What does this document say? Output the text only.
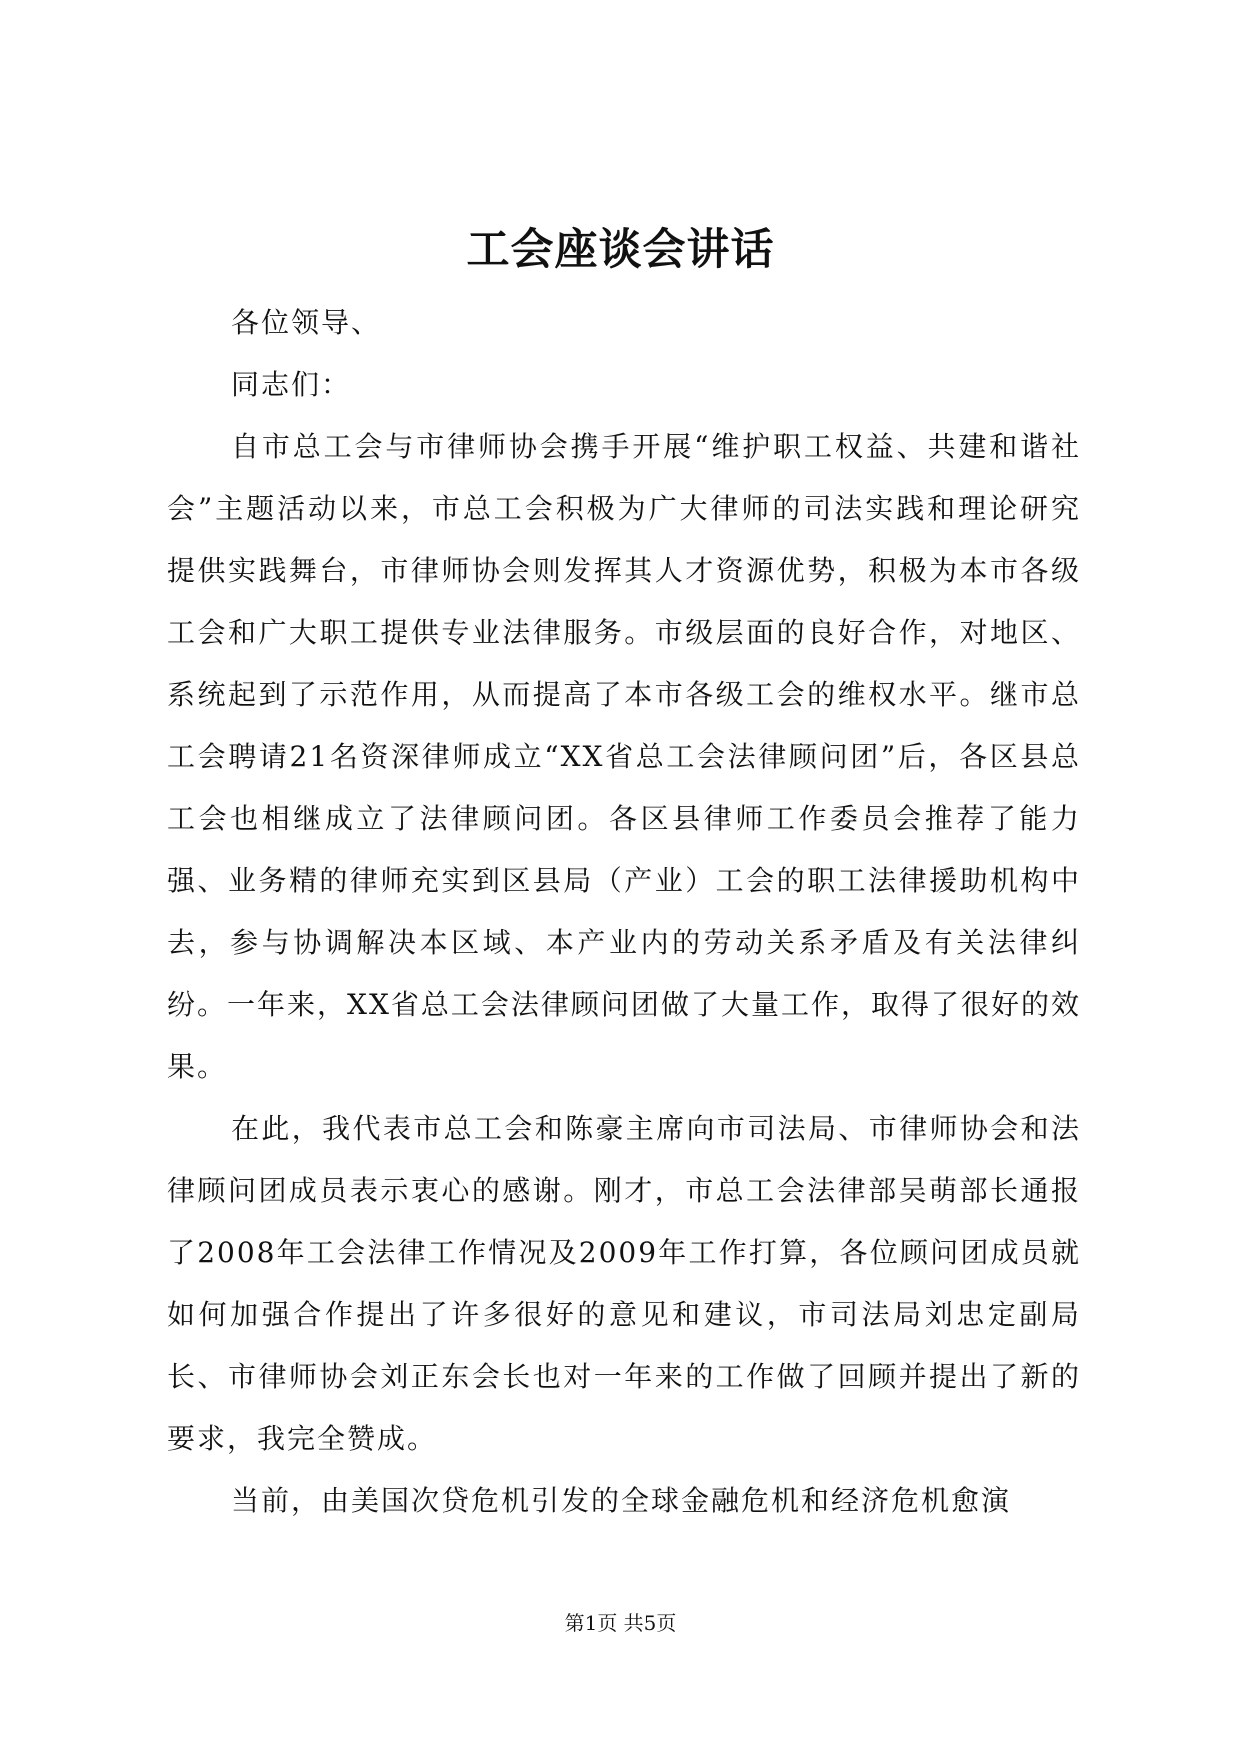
工会座谈会讲话

各位领导、

同志们：

自市总工会与市律师协会携手开展“维护职工权益、共建和谐社会”主题活动以来，市总工会积极为广大律师的司法实践和理论研究提供实践舞台，市律师协会则发挥其人才资源优势，积极为本市各级工会和广大职工提供专业法律服务。市级层面的良好合作，对地区、系统起到了示范作用，从而提高了本市各级工会的维权水平。继市总工会聘请21名资深律师成立“XX省总工会法律顾问团”后，各区县总工会也相继成立了法律顾问团。各区县律师工作委员会推荐了能力强、业务精的律师充实到区县局（产业）工会的职工法律援助机构中去，参与协调解决本区域、本产业内的劳动关系矛盾及有关法律纠纷。一年来，XX省总工会法律顾问团做了大量工作，取得了很好的效果。

在此，我代表市总工会和陈豪主席向市司法局、市律师协会和法律顾问团成员表示衷心的感谢。刚才，市总工会法律部吴萌部长通报了2008年工会法律工作情况及2009年工作打算，各位顾问团成员就如何加强合作提出了许多很好的意见和建议，市司法局刘忠定副局长、市律师协会刘正东会长也对一年来的工作做了回顾并提出了新的要求，我完全赞成。

当前，由美国次贷危机引发的全球金融危机和经济危机愈演

第1页 共5页
